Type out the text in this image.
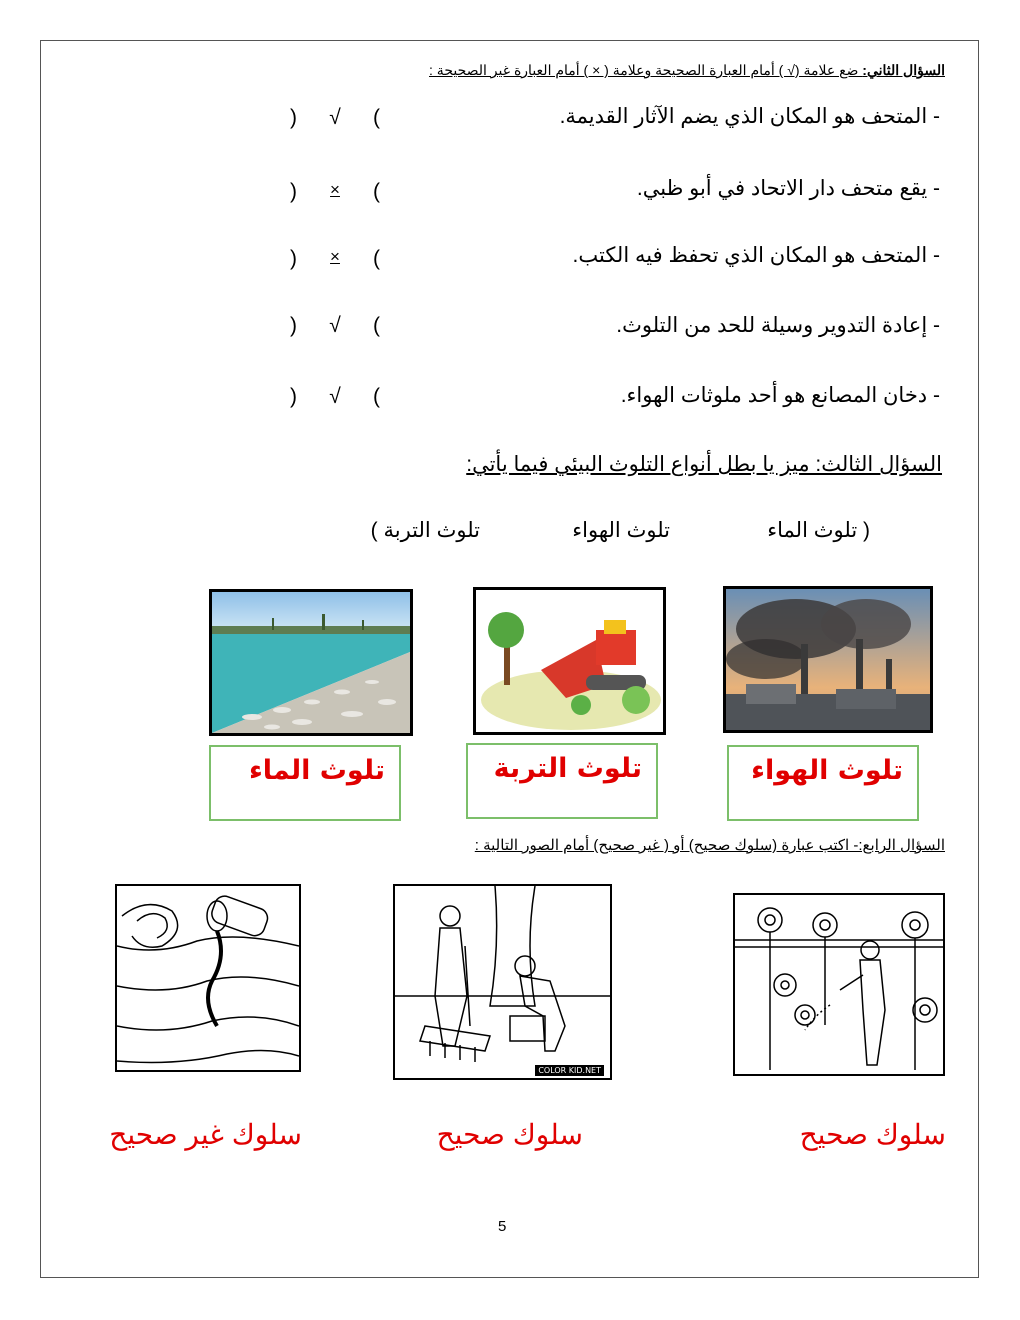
السؤال الثاني: ضع علامة (√ ) أمام العبارة الصحيحة وعلامة ( × ) أمام العبارة غير الصحيحة :
- المتحف هو المكان الذي يضم الآثار القديمة.
)	√	(
- يقع متحف دار الاتحاد في أبو ظبي.
)	×	(
- المتحف هو المكان الذي تحفظ فيه الكتب.
)	×	(
- إعادة التدوير وسيلة للحد من التلوث.
)	√	(
- دخان المصانع هو أحد ملوثات الهواء.
)	√	(
السؤال الثالث: ميز يا بطل أنواع التلوث البيئي فيما يأتي:
( تلوث الماء
تلوث الهواء
تلوث التربة )
تلوث الهواء
تلوث التربة
تلوث الماء
السؤال الرابع:- اكتب عبارة (سلوك صحيح) أو ( غير صحيح) أمام الصور التالية :
COLOR KID.NET
سلوك صحيح
سلوك صحيح
سلوك غير صحيح
5
